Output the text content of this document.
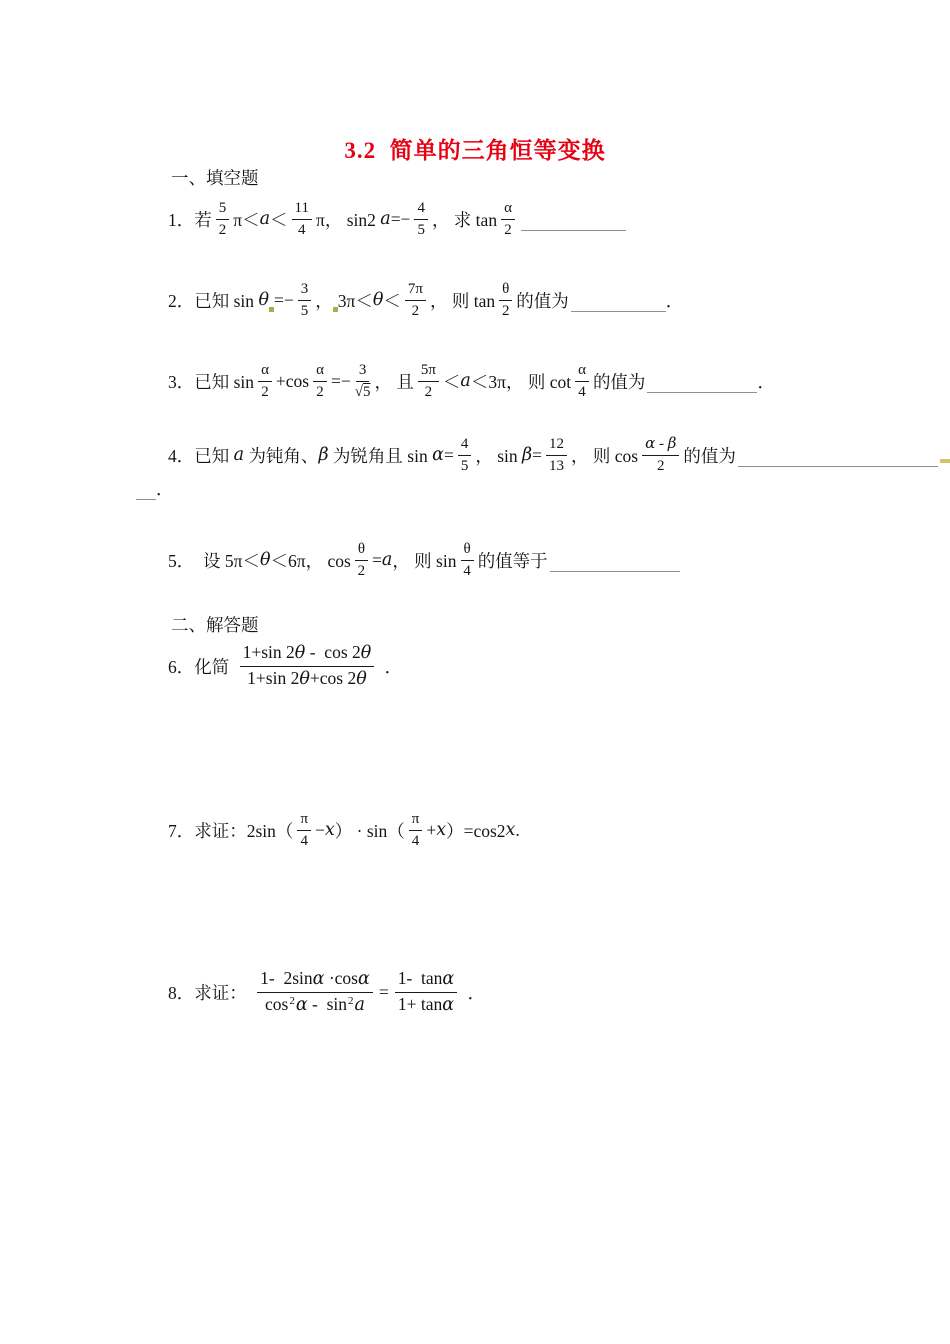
3.2  简单的三角恒等变换
一、填空题
1．若 $\frac{5}{2} \pi< a < \frac{11}{4}$ π， sin2 $a =- \frac{4}{5}$ ， 求 $\tan \frac{\alpha}{2}$
2．已知 $\sin \theta =- \frac{3}{5}$ ， $3\pi< \theta < \frac{7\pi}{2}$ ， 则 $\tan \frac{\theta}{2}$ 的值为	．
3．已知 $\sin \frac{\alpha}{2} +\cos \frac{\alpha}{2} =- \frac{3}{√ 5}$ ， 且 $\frac{5\pi}{2} < a <3\pi$， 则 $\cot \frac{\alpha}{4}$ 的值为	．
4．已知 a 为钝角、 β 为锐角且 $\sin \alpha = \frac{4}{5}$ ， $\sin \beta = \frac{12}{13}$ ， 则 $\cos \frac{\alpha - \beta}{2}$ 的值为
．
5．  设 5π＜ θ ＜6π， $\cos \frac{\theta}{2} = a$ ， 则 $\sin \frac{\theta}{4}$ 的值等于
二、解答题
6．化简 $\frac{1+\sin 2 \theta - \cos 2 \theta}{1+\sin 2 \theta +\cos 2 \theta}$ ．
7．求证：$2\sin( \frac{\pi}{4} - x$ ） · $\sin( \frac{\pi}{4} + x$ ）=cos2 x .
8．求证： $\frac{\text{1-  2sin α ·cos α}}{\cos 2 \alpha - \sin 2 a} = \frac{\text{1-  tan α}}{\text{1+ tan α}}$ ．
